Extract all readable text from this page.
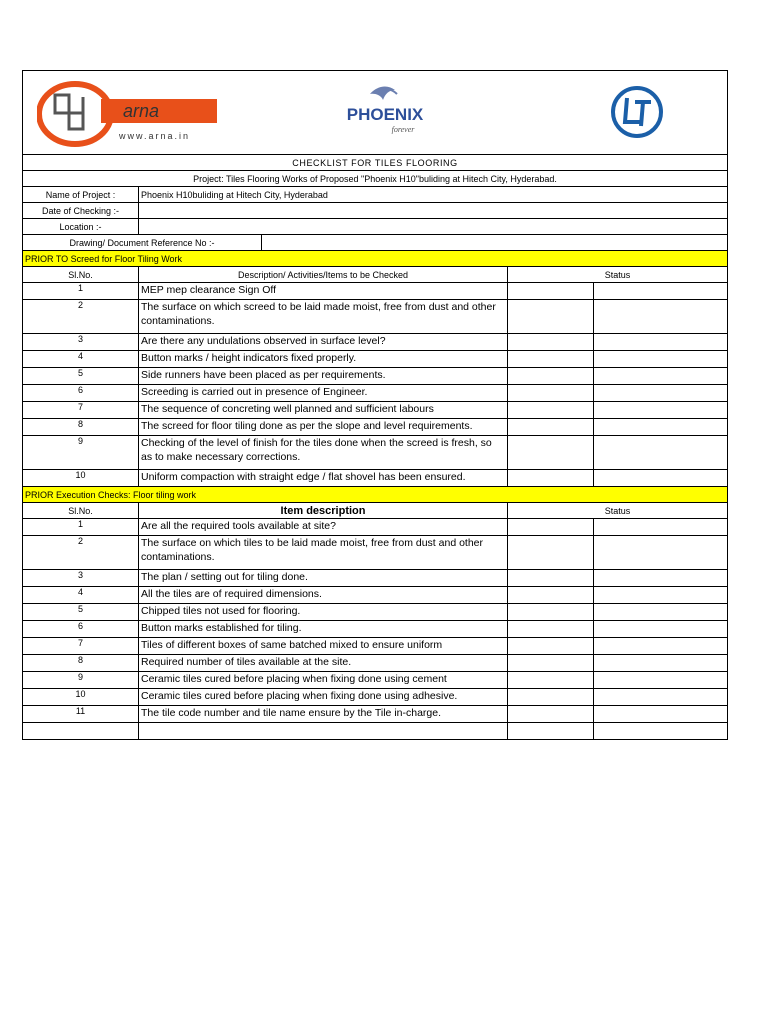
arna
www.arna.in		PHOENIX
forever	LT	

CHECKLIST FOR TILES FLOORING				
Project: Tiles Flooring Works of Proposed "Phoenix H10"buliding at Hitech City, Hyderabad.				
Name of Project :	Phoenix H10buliding at Hitech City, Hyderabad			
Date of Checking :-				
Location :-				
Drawing/ Document Reference No :-				
PRIOR TO Screed for Floor Tiling Work				
Sl.No.	Description/ Activities/Items to be Checked		Status	
1	MEP mep clearance Sign Off			
2	The surface on which screed to be laid made moist, free from dust and other contaminations.			
3	Are there any undulations observed in surface level?			
4	Button marks / height indicators fixed properly.			
5	Side runners have been placed as per requirements.			
6	Screeding is carried out in presence of Engineer.			
7	The sequence of concreting well planned and sufficient labours			
8	The screed for floor tiling done as per the slope and level requirements.			
9	Checking of the level of finish for the tiles done when the screed is fresh, so as to make necessary corrections.			
10	Uniform compaction with straight edge / flat shovel has been ensured.			
PRIOR Execution Checks: Floor tiling work				
Sl.No.	Item description		Status	
1	Are all the required tools available at site?			
2	The surface on which tiles to be laid made moist, free from dust and other contaminations.			
3	The plan / setting out for tiling done.			
4	All the tiles are of required dimensions.			
5	Chipped tiles not used for flooring.			
6	Button marks established for tiling.			
7	Tiles of different boxes of same batched mixed to ensure uniform			
8	Required number of tiles available at the site.			
9	Ceramic tiles cured before placing when fixing done using cement			
10	Ceramic tiles cured before placing when fixing done using adhesive.			
11	The tile code number and tile name ensure by the Tile in-charge.			
